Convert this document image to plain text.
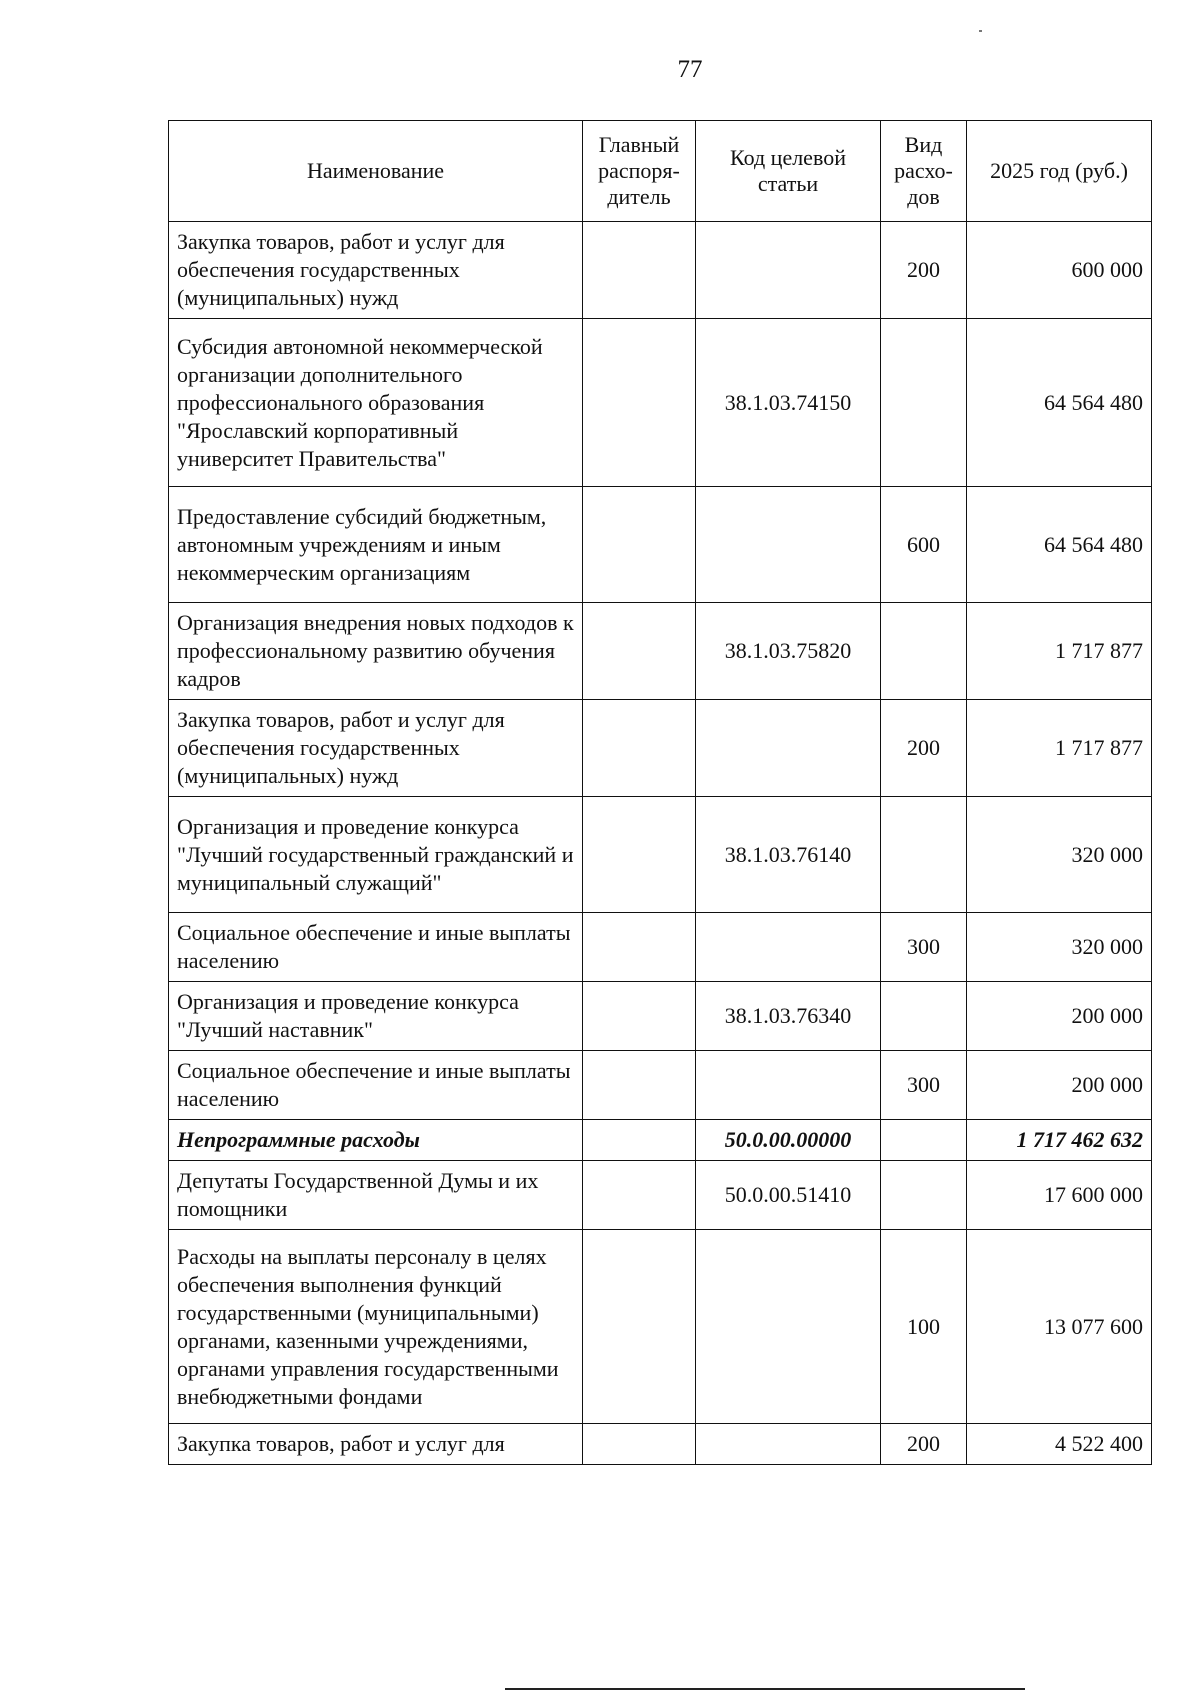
77
Наименование	Главный распоря-дитель	Код целевой статьи	Вид расхо-дов	2025 год (руб.)
Закупка товаров, работ и услуг для обеспечения государственных (муниципальных) нужд			200	600 000
Субсидия автономной некоммерческой организации дополнительного профессионального образования "Ярославский корпоративный университет Правительства"		38.1.03.74150		64 564 480
Предоставление субсидий бюджетным, автономным учреждениям и иным некоммерческим организациям			600	64 564 480
Организация внедрения новых подходов к профессиональному развитию обучения кадров		38.1.03.75820		1 717 877
Закупка товаров, работ и услуг для обеспечения государственных (муниципальных) нужд			200	1 717 877
Организация и проведение конкурса "Лучший государственный гражданский и муниципальный служащий"		38.1.03.76140		320 000
Социальное обеспечение и иные выплаты населению			300	320 000
Организация и проведение конкурса "Лучший наставник"		38.1.03.76340		200 000
Социальное обеспечение и иные выплаты населению			300	200 000
Непрограммные расходы		50.0.00.00000		1 717 462 632
Депутаты Государственной Думы и их помощники		50.0.00.51410		17 600 000
Расходы на выплаты персоналу в целях обеспечения выполнения функций государственными (муниципальными) органами, казенными учреждениями, органами управления государственными внебюджетными фондами			100	13 077 600
Закупка товаров, работ и услуг для			200	4 522 400
